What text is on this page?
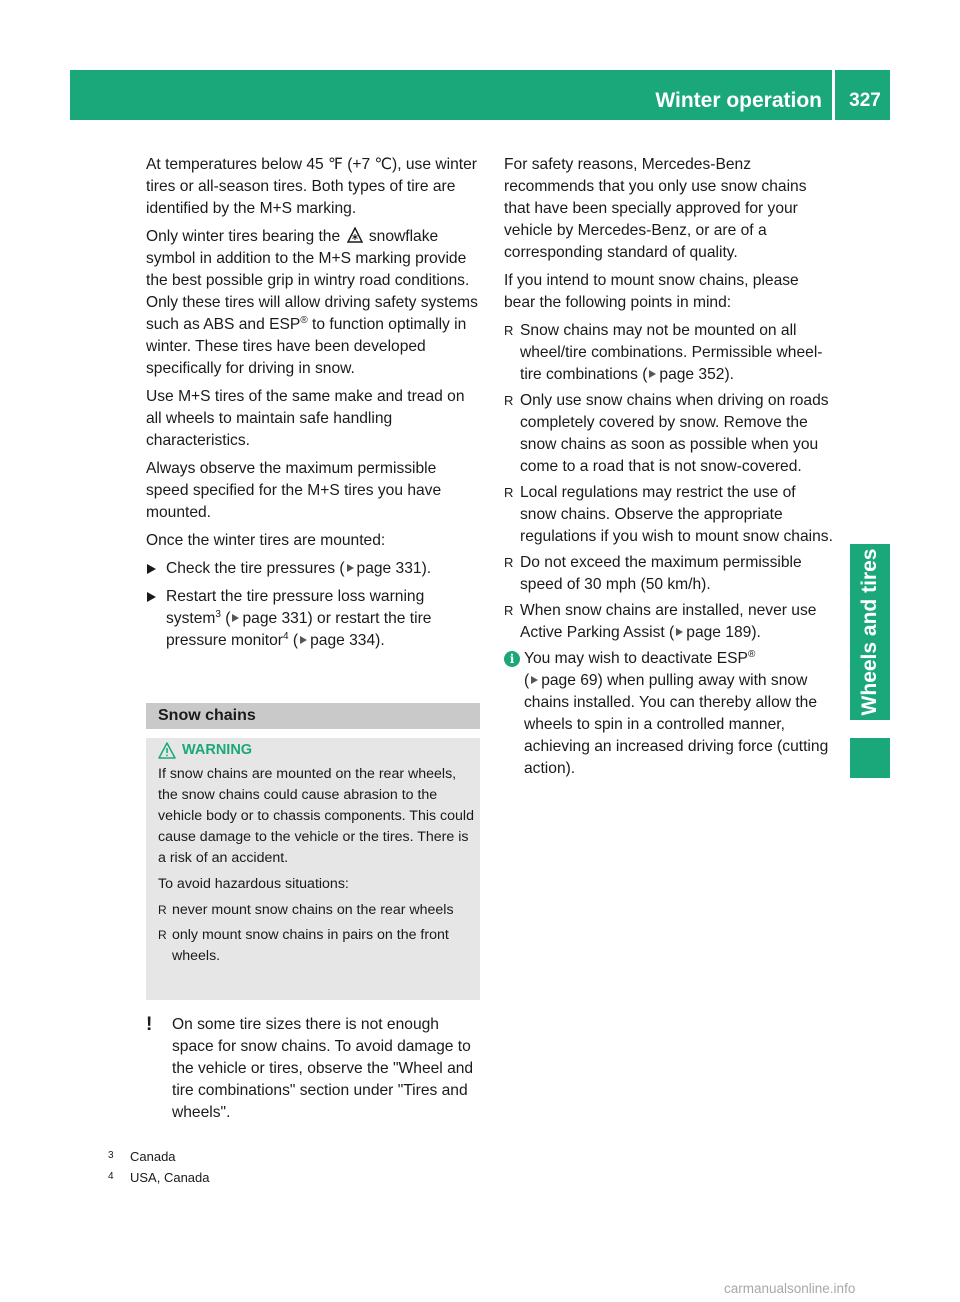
Winter operation	327
Wheels and tires

At temperatures below 45 ℉ (+7 ℃), use winter tires or all-season tires. Both types of tire are identified by the M+S marking.

Only winter tires bearing the snowflake symbol in addition to the M+S marking provide the best possible grip in wintry road conditions. Only these tires will allow driving safety systems such as ABS and ESP® to function optimally in winter. These tires have been developed specifically for driving in snow.

Use M+S tires of the same make and tread on all wheels to maintain safe handling characteristics.

Always observe the maximum permissible speed specified for the M+S tires you have mounted.

Once the winter tires are mounted:

Check the tire pressures ( page 331).
Restart the tire pressure loss warning system$^3$ ( page 331) or restart the tire pressure monitor$^4$ ( page 334).
Snow chains
WARNING

If snow chains are mounted on the rear wheels, the snow chains could cause abrasion to the vehicle body or to chassis components. This could cause damage to the vehicle or the tires. There is a risk of an accident.

To avoid hazardous situations:

R never mount snow chains on the rear wheels
R only mount snow chains in pairs on the front wheels.
! On some tire sizes there is not enough space for snow chains. To avoid damage to the vehicle or tires, observe the "Wheel and tire combinations" section under "Tires and wheels".
3 Canada
4 USA, Canada

For safety reasons, Mercedes-Benz recommends that you only use snow chains that have been specially approved for your vehicle by Mercedes-Benz, or are of a corresponding standard of quality.

If you intend to mount snow chains, please bear the following points in mind:

R Snow chains may not be mounted on all wheel/tire combinations. Permissible wheel-tire combinations ( page 352).
R Only use snow chains when driving on roads completely covered by snow. Remove the snow chains as soon as possible when you come to a road that is not snow-covered.
R Local regulations may restrict the use of snow chains. Observe the appropriate regulations if you wish to mount snow chains.
R Do not exceed the maximum permissible speed of 30 mph (50 km/h).
R When snow chains are installed, never use Active Parking Assist ( page 189).
i You may wish to deactivate ESP®
( page 69) when pulling away with snow chains installed. You can thereby allow the wheels to spin in a controlled manner, achieving an increased driving force (cutting action).
carmanualsonline.info
